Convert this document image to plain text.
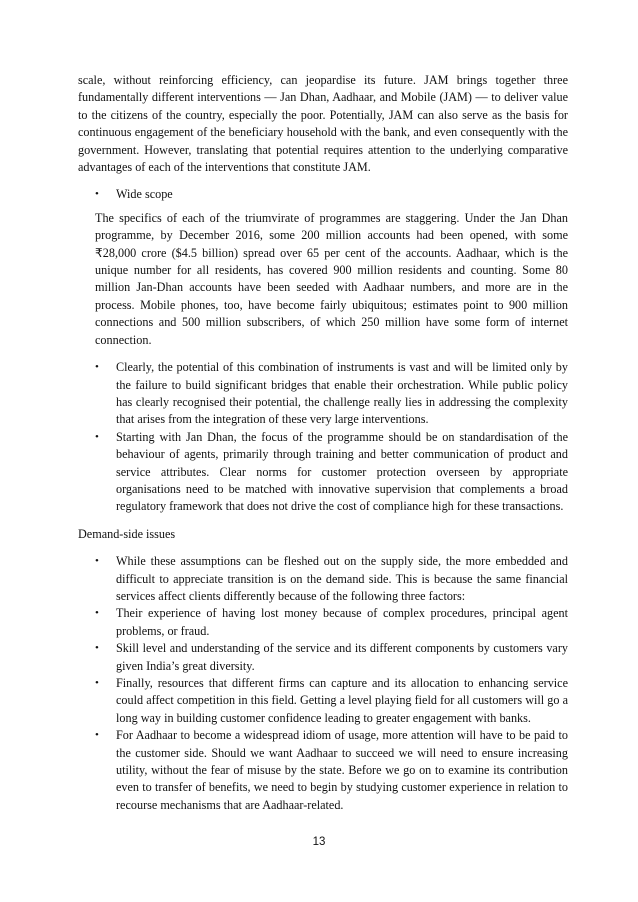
scale, without reinforcing efficiency, can jeopardise its future. JAM brings together three fundamentally different interventions — Jan Dhan, Aadhaar, and Mobile (JAM) — to deliver value to the citizens of the country, especially the poor. Potentially, JAM can also serve as the basis for continuous engagement of the beneficiary household with the bank, and even consequently with the government. However, translating that potential requires attention to the underlying comparative advantages of each of the interventions that constitute JAM.

• Wide scope

The specifics of each of the triumvirate of programmes are staggering. Under the Jan Dhan programme, by December 2016, some 200 million accounts had been opened, with some ₹28,000 crore ($4.5 billion) spread over 65 per cent of the accounts. Aadhaar, which is the unique number for all residents, has covered 900 million residents and counting. Some 80 million Jan-Dhan accounts have been seeded with Aadhaar numbers, and more are in the process. Mobile phones, too, have become fairly ubiquitous; estimates point to 900 million connections and 500 million subscribers, of which 250 million have some form of internet connection.

• Clearly, the potential of this combination of instruments is vast and will be limited only by the failure to build significant bridges that enable their orchestration. While public policy has clearly recognised their potential, the challenge really lies in addressing the complexity that arises from the integration of these very large interventions.
• Starting with Jan Dhan, the focus of the programme should be on standardisation of the behaviour of agents, primarily through training and better communication of product and service attributes. Clear norms for customer protection overseen by appropriate organisations need to be matched with innovative supervision that complements a broad regulatory framework that does not drive the cost of compliance high for these transactions.

Demand-side issues

• While these assumptions can be fleshed out on the supply side, the more embedded and difficult to appreciate transition is on the demand side. This is because the same financial services affect clients differently because of the following three factors:
• Their experience of having lost money because of complex procedures, principal agent problems, or fraud.
• Skill level and understanding of the service and its different components by customers vary given India’s great diversity.
• Finally, resources that different firms can capture and its allocation to enhancing service could affect competition in this field. Getting a level playing field for all customers will go a long way in building customer confidence leading to greater engagement with banks.
• For Aadhaar to become a widespread idiom of usage, more attention will have to be paid to the customer side. Should we want Aadhaar to succeed we will need to ensure increasing utility, without the fear of misuse by the state. Before we go on to examine its contribution even to transfer of benefits, we need to begin by studying customer experience in relation to recourse mechanisms that are Aadhaar-related.
13
